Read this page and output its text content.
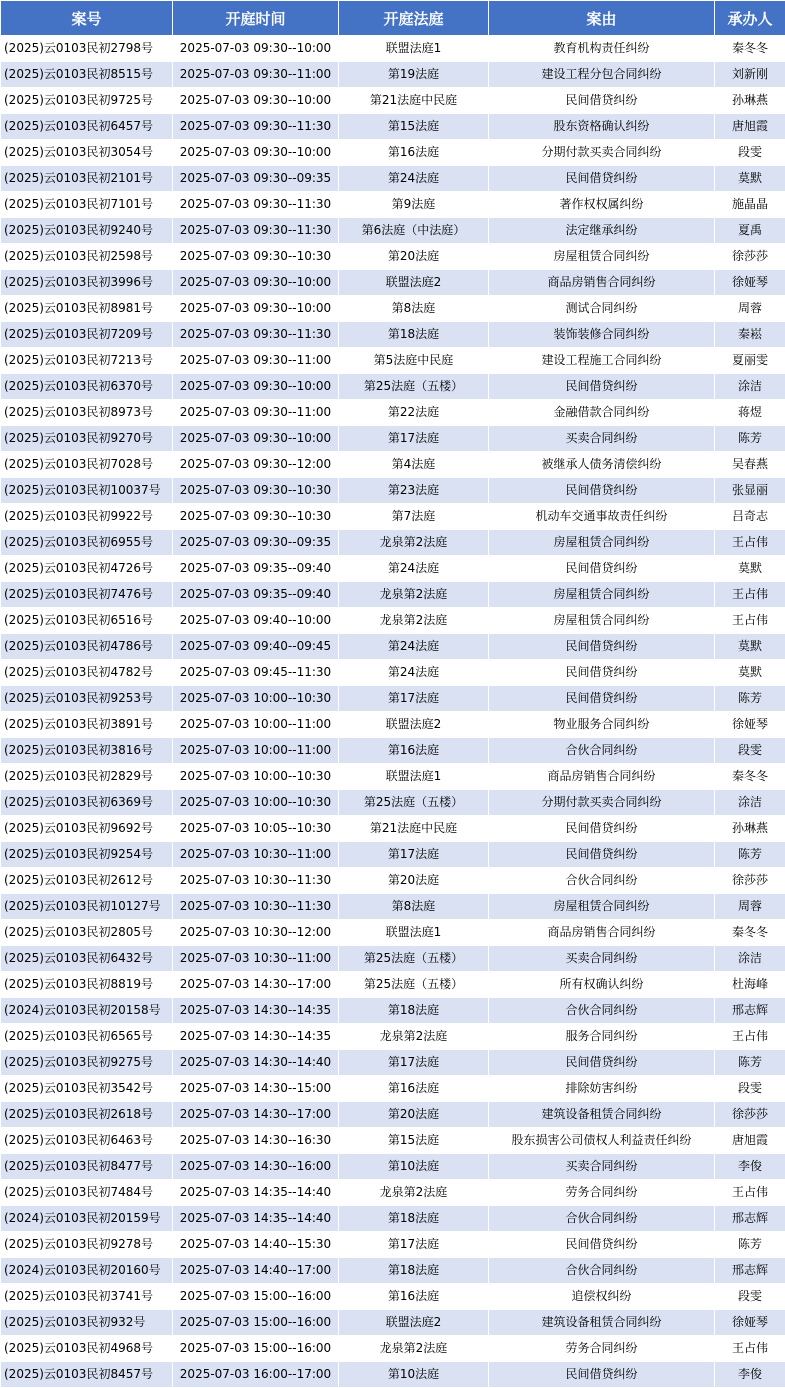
案号	开庭时间	开庭法庭	案由	承办人
(2025)云0103民初2798号	2025-07-03 09:30--10:00	联盟法庭1	教育机构责任纠纷	秦冬冬
(2025)云0103民初8515号	2025-07-03 09:30--11:00	第19法庭	建设工程分包合同纠纷	刘新刚
(2025)云0103民初9725号	2025-07-03 09:30--10:00	第21法庭中民庭	民间借贷纠纷	孙琳燕
(2025)云0103民初6457号	2025-07-03 09:30--11:30	第15法庭	股东资格确认纠纷	唐旭霞
(2025)云0103民初3054号	2025-07-03 09:30--10:00	第16法庭	分期付款买卖合同纠纷	段雯
(2025)云0103民初2101号	2025-07-03 09:30--09:35	第24法庭	民间借贷纠纷	莫默
(2025)云0103民初7101号	2025-07-03 09:30--11:30	第9法庭	著作权权属纠纷	施晶晶
(2025)云0103民初9240号	2025-07-03 09:30--11:30	第6法庭（中法庭）	法定继承纠纷	夏禹
(2025)云0103民初2598号	2025-07-03 09:30--10:30	第20法庭	房屋租赁合同纠纷	徐莎莎
(2025)云0103民初3996号	2025-07-03 09:30--10:00	联盟法庭2	商品房销售合同纠纷	徐娅琴
(2025)云0103民初8981号	2025-07-03 09:30--10:00	第8法庭	测试合同纠纷	周蓉
(2025)云0103民初7209号	2025-07-03 09:30--11:30	第18法庭	装饰装修合同纠纷	秦崧
(2025)云0103民初7213号	2025-07-03 09:30--11:00	第5法庭中民庭	建设工程施工合同纠纷	夏丽雯
(2025)云0103民初6370号	2025-07-03 09:30--10:00	第25法庭（五楼）	民间借贷纠纷	涂洁
(2025)云0103民初8973号	2025-07-03 09:30--11:00	第22法庭	金融借款合同纠纷	蒋煜
(2025)云0103民初9270号	2025-07-03 09:30--10:00	第17法庭	买卖合同纠纷	陈芳
(2025)云0103民初7028号	2025-07-03 09:30--12:00	第4法庭	被继承人债务清偿纠纷	吴春燕
(2025)云0103民初10037号	2025-07-03 09:30--10:30	第23法庭	民间借贷纠纷	张显丽
(2025)云0103民初9922号	2025-07-03 09:30--10:30	第7法庭	机动车交通事故责任纠纷	吕奇志
(2025)云0103民初6955号	2025-07-03 09:30--09:35	龙泉第2法庭	房屋租赁合同纠纷	王占伟
(2025)云0103民初4726号	2025-07-03 09:35--09:40	第24法庭	民间借贷纠纷	莫默
(2025)云0103民初7476号	2025-07-03 09:35--09:40	龙泉第2法庭	房屋租赁合同纠纷	王占伟
(2025)云0103民初6516号	2025-07-03 09:40--10:00	龙泉第2法庭	房屋租赁合同纠纷	王占伟
(2025)云0103民初4786号	2025-07-03 09:40--09:45	第24法庭	民间借贷纠纷	莫默
(2025)云0103民初4782号	2025-07-03 09:45--11:30	第24法庭	民间借贷纠纷	莫默
(2025)云0103民初9253号	2025-07-03 10:00--10:30	第17法庭	民间借贷纠纷	陈芳
(2025)云0103民初3891号	2025-07-03 10:00--11:00	联盟法庭2	物业服务合同纠纷	徐娅琴
(2025)云0103民初3816号	2025-07-03 10:00--11:00	第16法庭	合伙合同纠纷	段雯
(2025)云0103民初2829号	2025-07-03 10:00--10:30	联盟法庭1	商品房销售合同纠纷	秦冬冬
(2025)云0103民初6369号	2025-07-03 10:00--10:30	第25法庭（五楼）	分期付款买卖合同纠纷	涂洁
(2025)云0103民初9692号	2025-07-03 10:05--10:30	第21法庭中民庭	民间借贷纠纷	孙琳燕
(2025)云0103民初9254号	2025-07-03 10:30--11:00	第17法庭	民间借贷纠纷	陈芳
(2025)云0103民初2612号	2025-07-03 10:30--11:30	第20法庭	合伙合同纠纷	徐莎莎
(2025)云0103民初10127号	2025-07-03 10:30--11:30	第8法庭	房屋租赁合同纠纷	周蓉
(2025)云0103民初2805号	2025-07-03 10:30--12:00	联盟法庭1	商品房销售合同纠纷	秦冬冬
(2025)云0103民初6432号	2025-07-03 10:30--11:00	第25法庭（五楼）	买卖合同纠纷	涂洁
(2025)云0103民初8819号	2025-07-03 14:30--17:00	第25法庭（五楼）	所有权确认纠纷	杜海峰
(2024)云0103民初20158号	2025-07-03 14:30--14:35	第18法庭	合伙合同纠纷	邢志辉
(2025)云0103民初6565号	2025-07-03 14:30--14:35	龙泉第2法庭	服务合同纠纷	王占伟
(2025)云0103民初9275号	2025-07-03 14:30--14:40	第17法庭	民间借贷纠纷	陈芳
(2025)云0103民初3542号	2025-07-03 14:30--15:00	第16法庭	排除妨害纠纷	段雯
(2025)云0103民初2618号	2025-07-03 14:30--17:00	第20法庭	建筑设备租赁合同纠纷	徐莎莎
(2025)云0103民初6463号	2025-07-03 14:30--16:30	第15法庭	股东损害公司债权人利益责任纠纷	唐旭霞
(2025)云0103民初8477号	2025-07-03 14:30--16:00	第10法庭	买卖合同纠纷	李俊
(2025)云0103民初7484号	2025-07-03 14:35--14:40	龙泉第2法庭	劳务合同纠纷	王占伟
(2024)云0103民初20159号	2025-07-03 14:35--14:40	第18法庭	合伙合同纠纷	邢志辉
(2025)云0103民初9278号	2025-07-03 14:40--15:30	第17法庭	民间借贷纠纷	陈芳
(2024)云0103民初20160号	2025-07-03 14:40--17:00	第18法庭	合伙合同纠纷	邢志辉
(2025)云0103民初3741号	2025-07-03 15:00--16:00	第16法庭	追偿权纠纷	段雯
(2025)云0103民初932号	2025-07-03 15:00--16:00	联盟法庭2	建筑设备租赁合同纠纷	徐娅琴
(2025)云0103民初4968号	2025-07-03 15:00--16:00	龙泉第2法庭	劳务合同纠纷	王占伟
(2025)云0103民初8457号	2025-07-03 16:00--17:00	第10法庭	民间借贷纠纷	李俊
